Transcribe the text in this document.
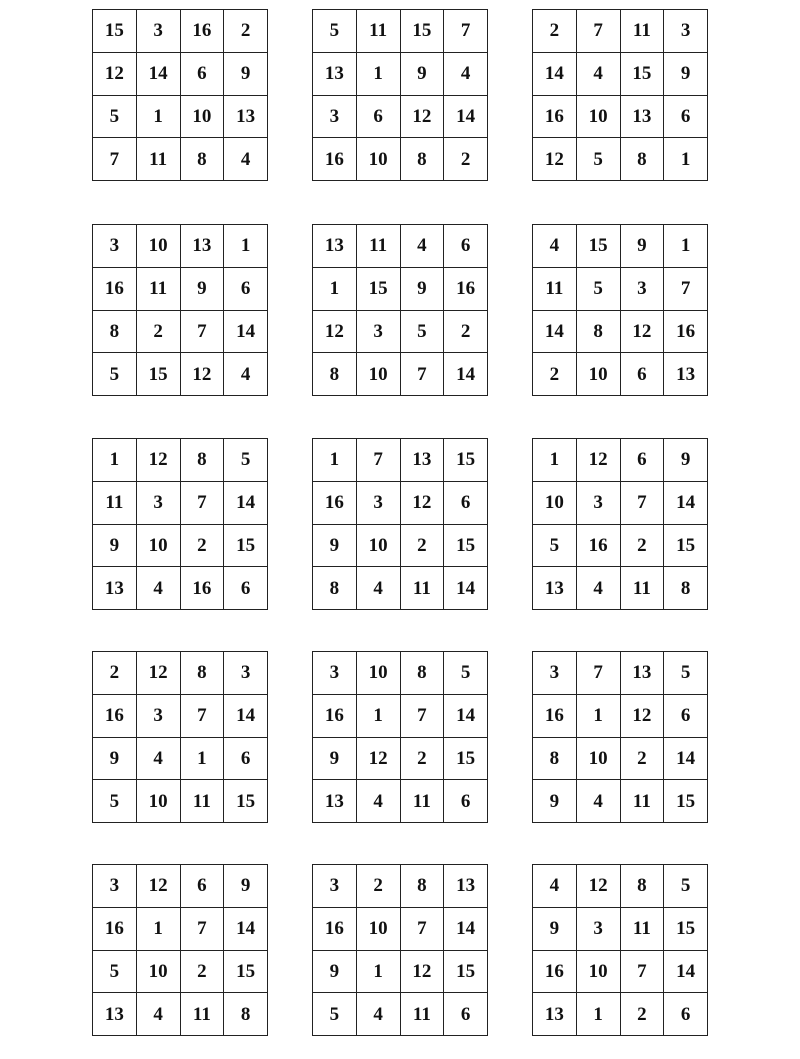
15	3	16	2
12	14	6	9
5	1	10	13
7	11	8	4
5	11	15	7
13	1	9	4
3	6	12	14
16	10	8	2
2	7	11	3
14	4	15	9
16	10	13	6
12	5	8	1
3	10	13	1
16	11	9	6
8	2	7	14
5	15	12	4
13	11	4	6
1	15	9	16
12	3	5	2
8	10	7	14
4	15	9	1
11	5	3	7
14	8	12	16
2	10	6	13
1	12	8	5
11	3	7	14
9	10	2	15
13	4	16	6
1	7	13	15
16	3	12	6
9	10	2	15
8	4	11	14
1	12	6	9
10	3	7	14
5	16	2	15
13	4	11	8
2	12	8	3
16	3	7	14
9	4	1	6
5	10	11	15
3	10	8	5
16	1	7	14
9	12	2	15
13	4	11	6
3	7	13	5
16	1	12	6
8	10	2	14
9	4	11	15
3	12	6	9
16	1	7	14
5	10	2	15
13	4	11	8
3	2	8	13
16	10	7	14
9	1	12	15
5	4	11	6
4	12	8	5
9	3	11	15
16	10	7	14
13	1	2	6
